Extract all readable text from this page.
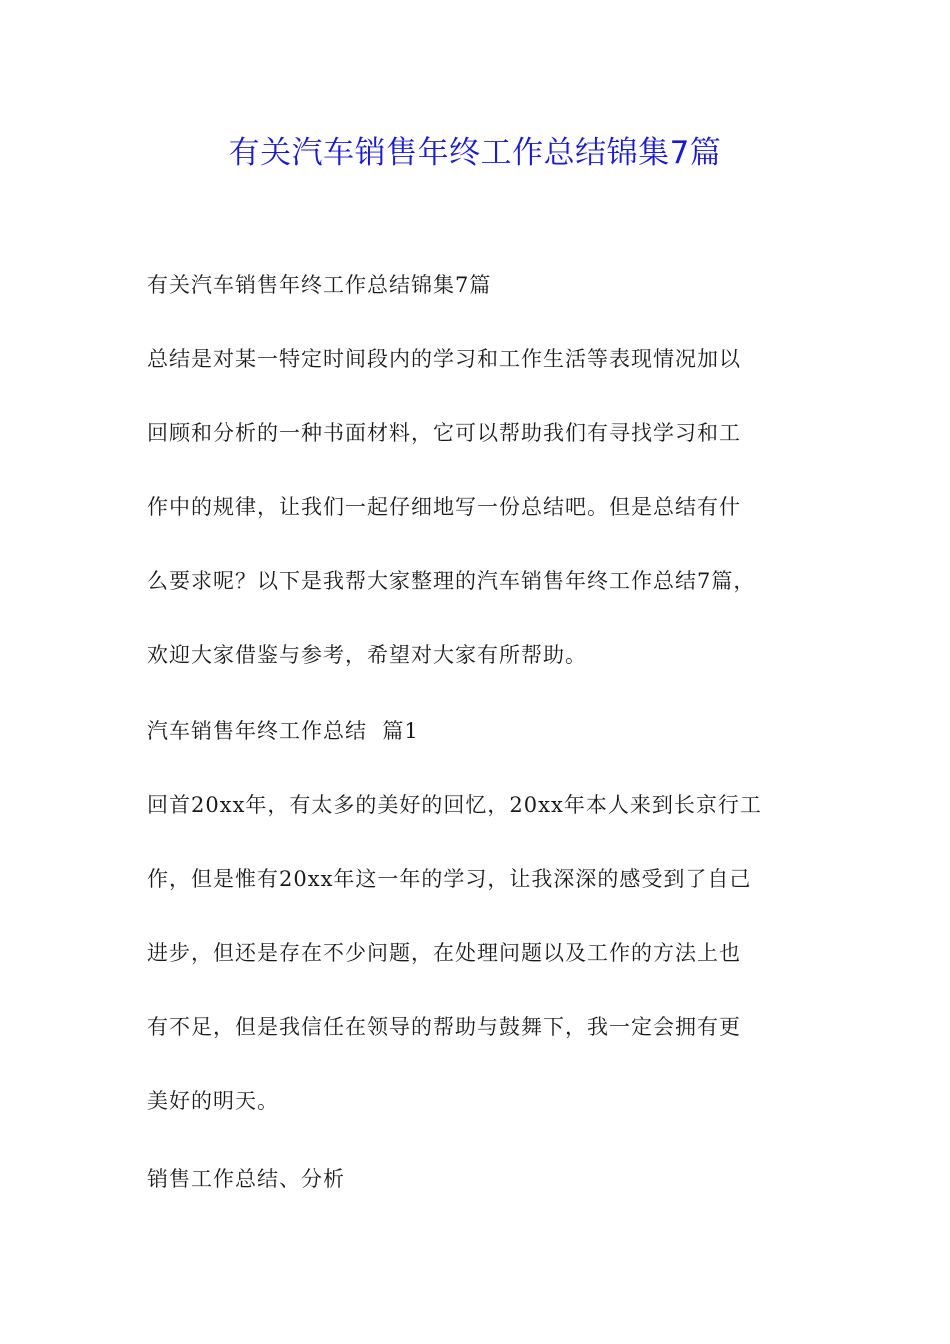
有关汽车销售年终工作总结锦集7篇

有关汽车销售年终工作总结锦集7篇

总结是对某一特定时间段内的学习和工作生活等表现情况加以
回顾和分析的一种书面材料，它可以帮助我们有寻找学习和工
作中的规律，让我们一起仔细地写一份总结吧。但是总结有什
么要求呢？以下是我帮大家整理的汽车销售年终工作总结7篇，
欢迎大家借鉴与参考，希望对大家有所帮助。

汽车销售年终工作总结  篇1

回首20xx年，有太多的美好的回忆，20xx年本人来到长京行工
作，但是惟有20xx年这一年的学习，让我深深的感受到了自己
进步，但还是存在不少问题，在处理问题以及工作的方法上也
有不足，但是我信任在领导的帮助与鼓舞下，我一定会拥有更
美好的明天。

销售工作总结、分析
